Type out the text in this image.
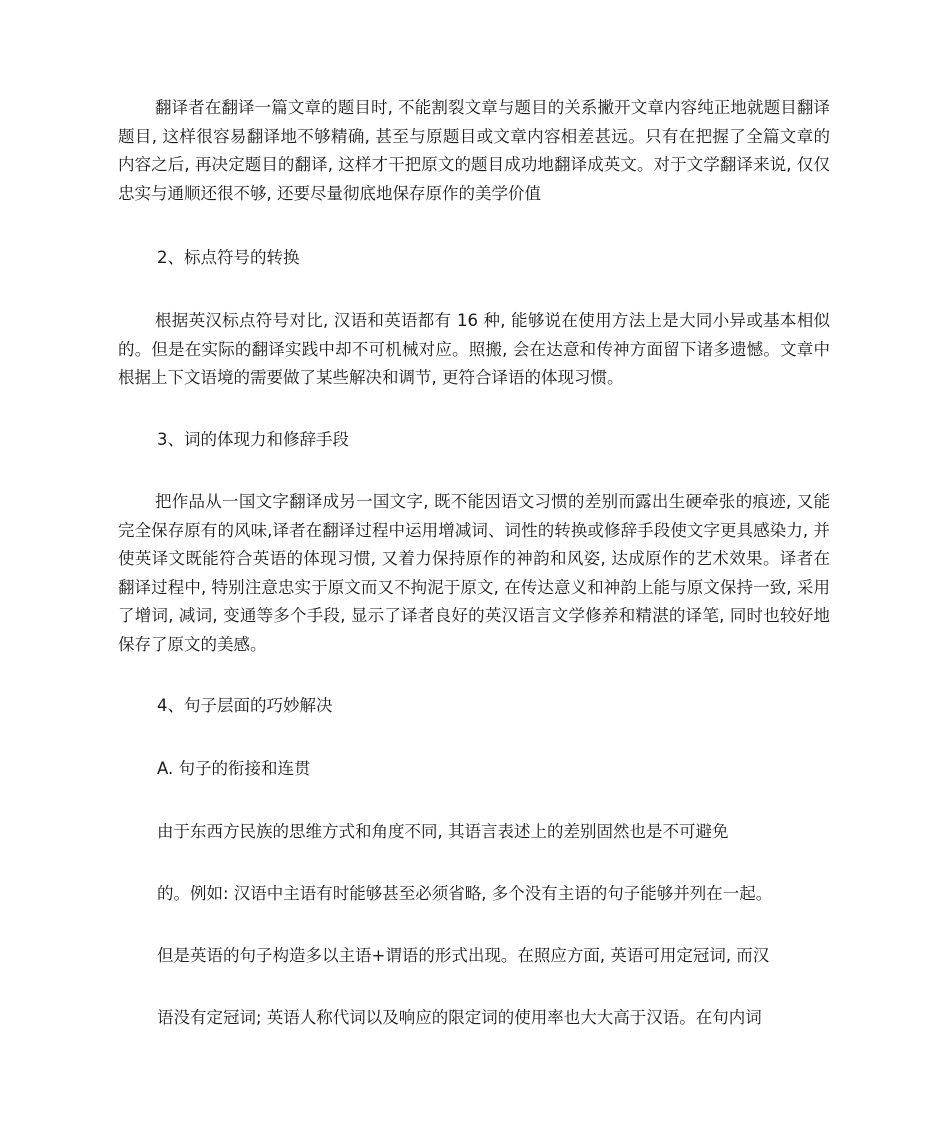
翻译者在翻译一篇文章的题目时, 不能割裂文章与题目的关系撇开文章内容纯正地就题目翻译题目, 这样很容易翻译地不够精确, 甚至与原题目或文章内容相差甚远。只有在把握了全篇文章的内容之后, 再决定题目的翻译, 这样才干把原文的题目成功地翻译成英文。对于文学翻译来说, 仅仅忠实与通顺还很不够, 还要尽量彻底地保存原作的美学价值

2、标点符号的转换

根据英汉标点符号对比, 汉语和英语都有 16 种, 能够说在使用方法上是大同小异或基本相似的。但是在实际的翻译实践中却不可机械对应。照搬, 会在达意和传神方面留下诸多遗憾。文章中根据上下文语境的需要做了某些解决和调节, 更符合译语的体现习惯。

3、词的体现力和修辞手段

把作品从一国文字翻译成另一国文字, 既不能因语文习惯的差别而露出生硬牵张的痕迹, 又能完全保存原有的风味,译者在翻译过程中运用增减词、词性的转换或修辞手段使文字更具感染力, 并使英译文既能符合英语的体现习惯, 又着力保持原作的神韵和风姿, 达成原作的艺术效果。译者在翻译过程中, 特别注意忠实于原文而又不拘泥于原文, 在传达意义和神韵上能与原文保持一致, 采用了增词, 减词, 变通等多个手段, 显示了译者良好的英汉语言文学修养和精湛的译笔, 同时也较好地保存了原文的美感。

4、句子层面的巧妙解决

A. 句子的衔接和连贯

由于东西方民族的思维方式和角度不同, 其语言表述上的差别固然也是不可避免

的。例如: 汉语中主语有时能够甚至必须省略, 多个没有主语的句子能够并列在一起。

但是英语的句子构造多以主语+谓语的形式出现。在照应方面, 英语可用定冠词, 而汉

语没有定冠词; 英语人称代词以及响应的限定词的使用率也大大高于汉语。在句内词
